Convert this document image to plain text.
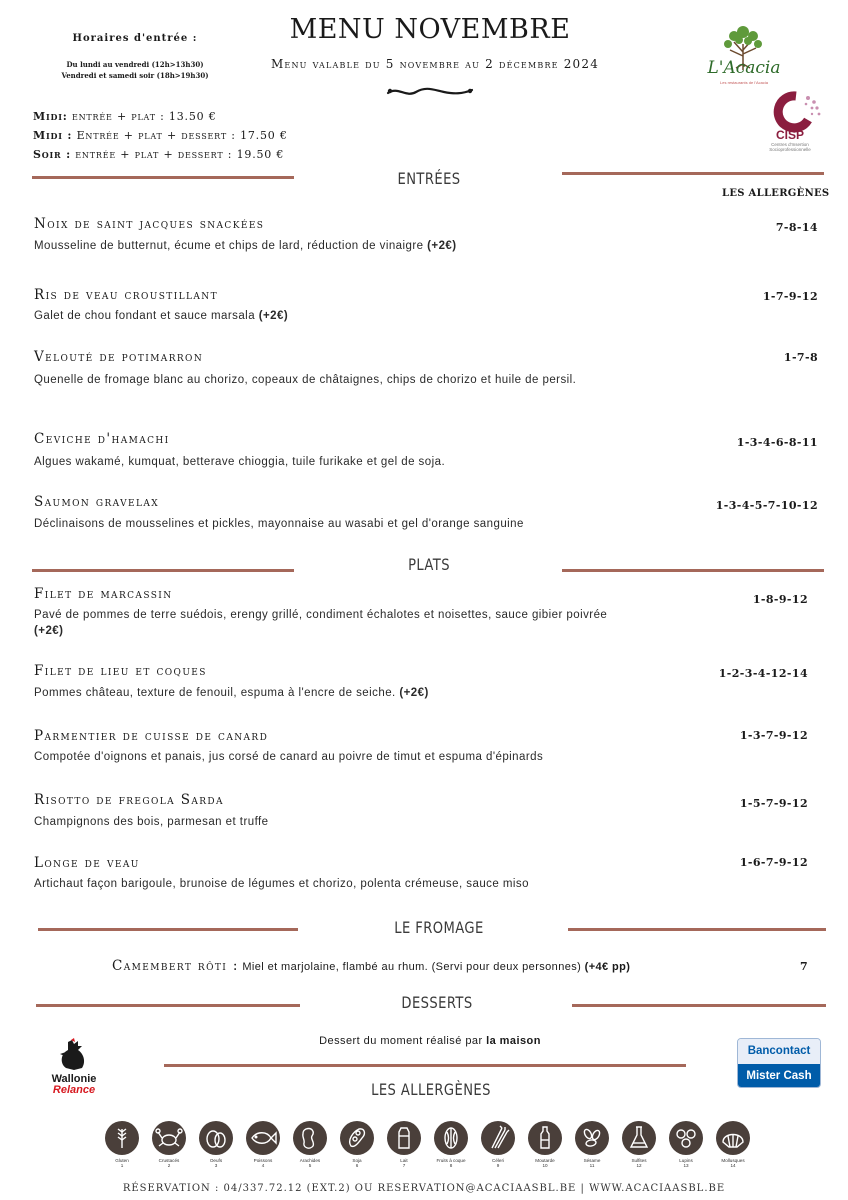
Horaires d'entrée :
Du lundi au vendredi (12h>13h30)
Vendredi et samedi soir (18h>19h30)
MENU NOVEMBRE
Menu valable du 5 novembre au 2 décembre 2024	L'Acacia
Les restaurants de l'Acacia
CISP
Centres d'Insertion Socioprofessionnelle
Midi: entrée + plat : 13.50 €
Midi : Entrée + plat + dessert : 17.50 €
Soir : entrée + plat + dessert : 19.50 €
ENTRÉES
LES ALLERGÈNES
Noix de saint jacques snackées
Mousseline de butternut, écume et chips de lard, réduction de vinaigre (+2€)
7-8-14
Ris de veau croustillant
Galet de chou fondant et sauce marsala (+2€)
1-7-9-12
Velouté de potimarron
Quenelle de fromage blanc au chorizo, copeaux de châtaignes, chips de chorizo et huile de persil.
1-7-8
Ceviche d'hamachi
Algues wakamé, kumquat, betterave chioggia, tuile furikake et gel de soja.
1-3-4-6-8-11
Saumon gravelax
Déclinaisons de mousselines et pickles, mayonnaise au wasabi et gel d'orange sanguine
1-3-4-5-7-10-12
PLATS
Filet de marcassin
Pavé de pommes de terre suédois, erengy grillé, condiment échalotes et noisettes, sauce gibier poivrée (+2€)
1-8-9-12
Filet de lieu et coques
Pommes château, texture de fenouil, espuma à l'encre de seiche. (+2€)
1-2-3-4-12-14
Parmentier de cuisse de canard
Compotée d'oignons et panais, jus corsé de canard au poivre de timut et espuma d'épinards
1-3-7-9-12
Risotto de fregola Sarda
Champignons des bois, parmesan et truffe
1-5-7-9-12
Longe de veau
Artichaut façon barigoule, brunoise de légumes et chorizo, polenta crémeuse, sauce miso
1-6-7-9-12
LE FROMAGE
Camembert rôti : Miel et marjolaine, flambé au rhum. (Servi pour deux personnes) (+4€ pp)	7
DESSERTS
Dessert du moment réalisé par la maison
Wallonie
Relance
Bancontact
Mister Cash
LES ALLERGÈNES
Gluten
1
Crustacés
2
Oeufs
3
Poissons
4
Arachides
5
Soja
6
Lait
7
Fruits à coque
8
Céleri
9
Moutarde
10
Sésame
11
Sulfites
12
Lupins
13
Mollusques
14
RÉSERVATION : 04/337.72.12 (EXT.2) OU RESERVATION@ACACIAASBL.BE | WWW.ACACIAASBL.BE
